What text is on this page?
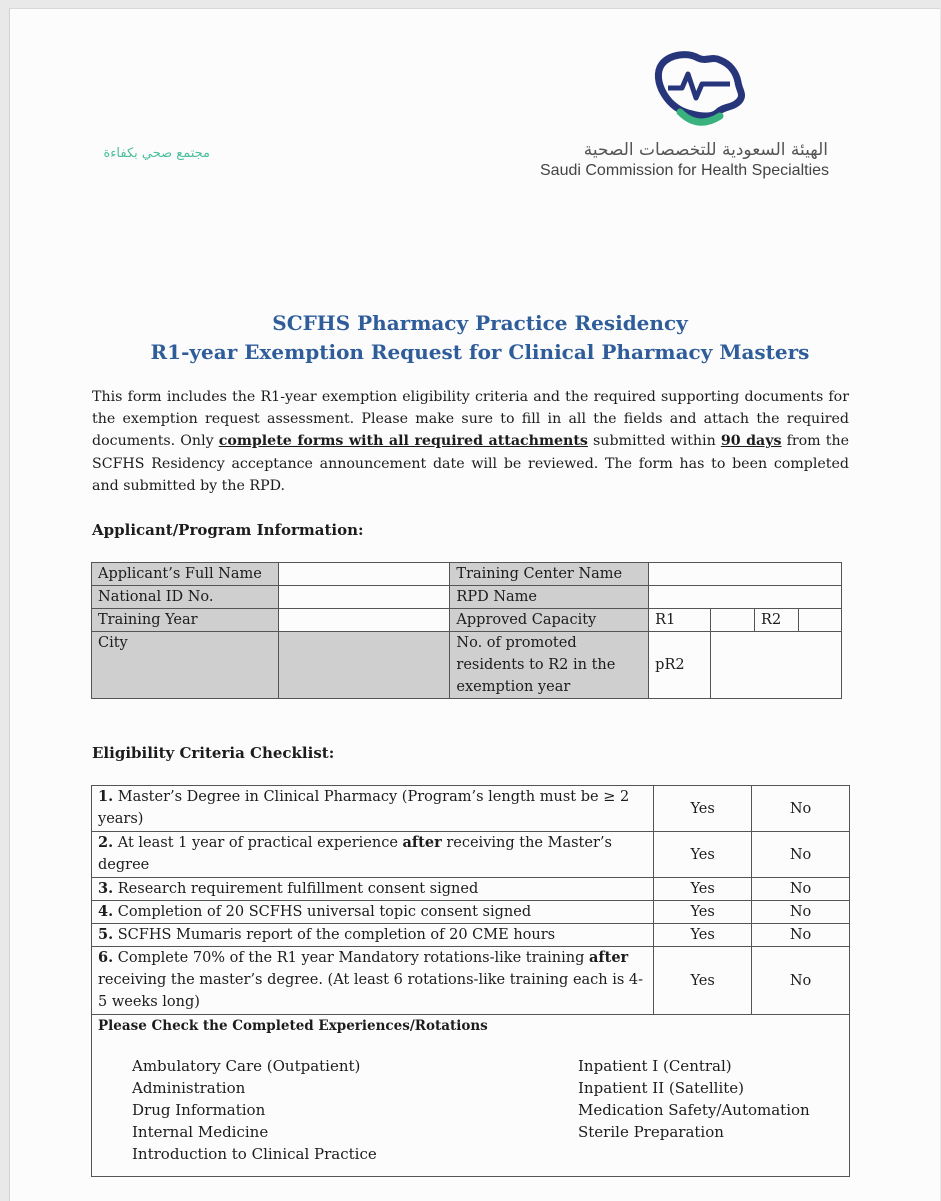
الهيئة السعودية للتخصصات الصحية
Saudi Commission for Health Specialties
مجتمع صحي بكفاءة
SCFHS Pharmacy Practice Residency
R1-year Exemption Request for Clinical Pharmacy Masters
This form includes the R1-year exemption eligibility criteria and the required supporting documents for the exemption request assessment. Please make sure to fill in all the fields and attach the required documents. Only complete forms with all required attachments submitted within 90 days from the SCFHS Residency acceptance announcement date will be reviewed. The form has to been completed and submitted by the RPD.
Applicant/Program Information:
Applicant’s Full Name		Training Center Name				
National ID No.		RPD Name				
Training Year		Approved Capacity	R1		R2	
City		No. of promoted residents to R2 in the exemption year	pR2			
Eligibility Criteria Checklist:
1. Master’s Degree in Clinical Pharmacy (Program’s length must be ≥ 2 years)	Yes	No
2. At least 1 year of practical experience after receiving the Master’s degree	Yes	No
3. Research requirement fulfillment consent signed	Yes	No
4. Completion of 20 SCFHS universal topic consent signed	Yes	No
5. SCFHS Mumaris report of the completion of 20 CME hours	Yes	No
6. Complete 70% of the R1 year Mandatory rotations-like training after receiving the master’s degree. (At least 6 rotations-like training each is 4-5 weeks long)	Yes	No
Please Check the Completed Experiences/Rotations		
Ambulatory Care (Outpatient)
Administration
Drug Information
Internal Medicine
Introduction to Clinical Practice
Inpatient I (Central)
Inpatient II (Satellite)
Medication Safety/Automation
Sterile Preparation
